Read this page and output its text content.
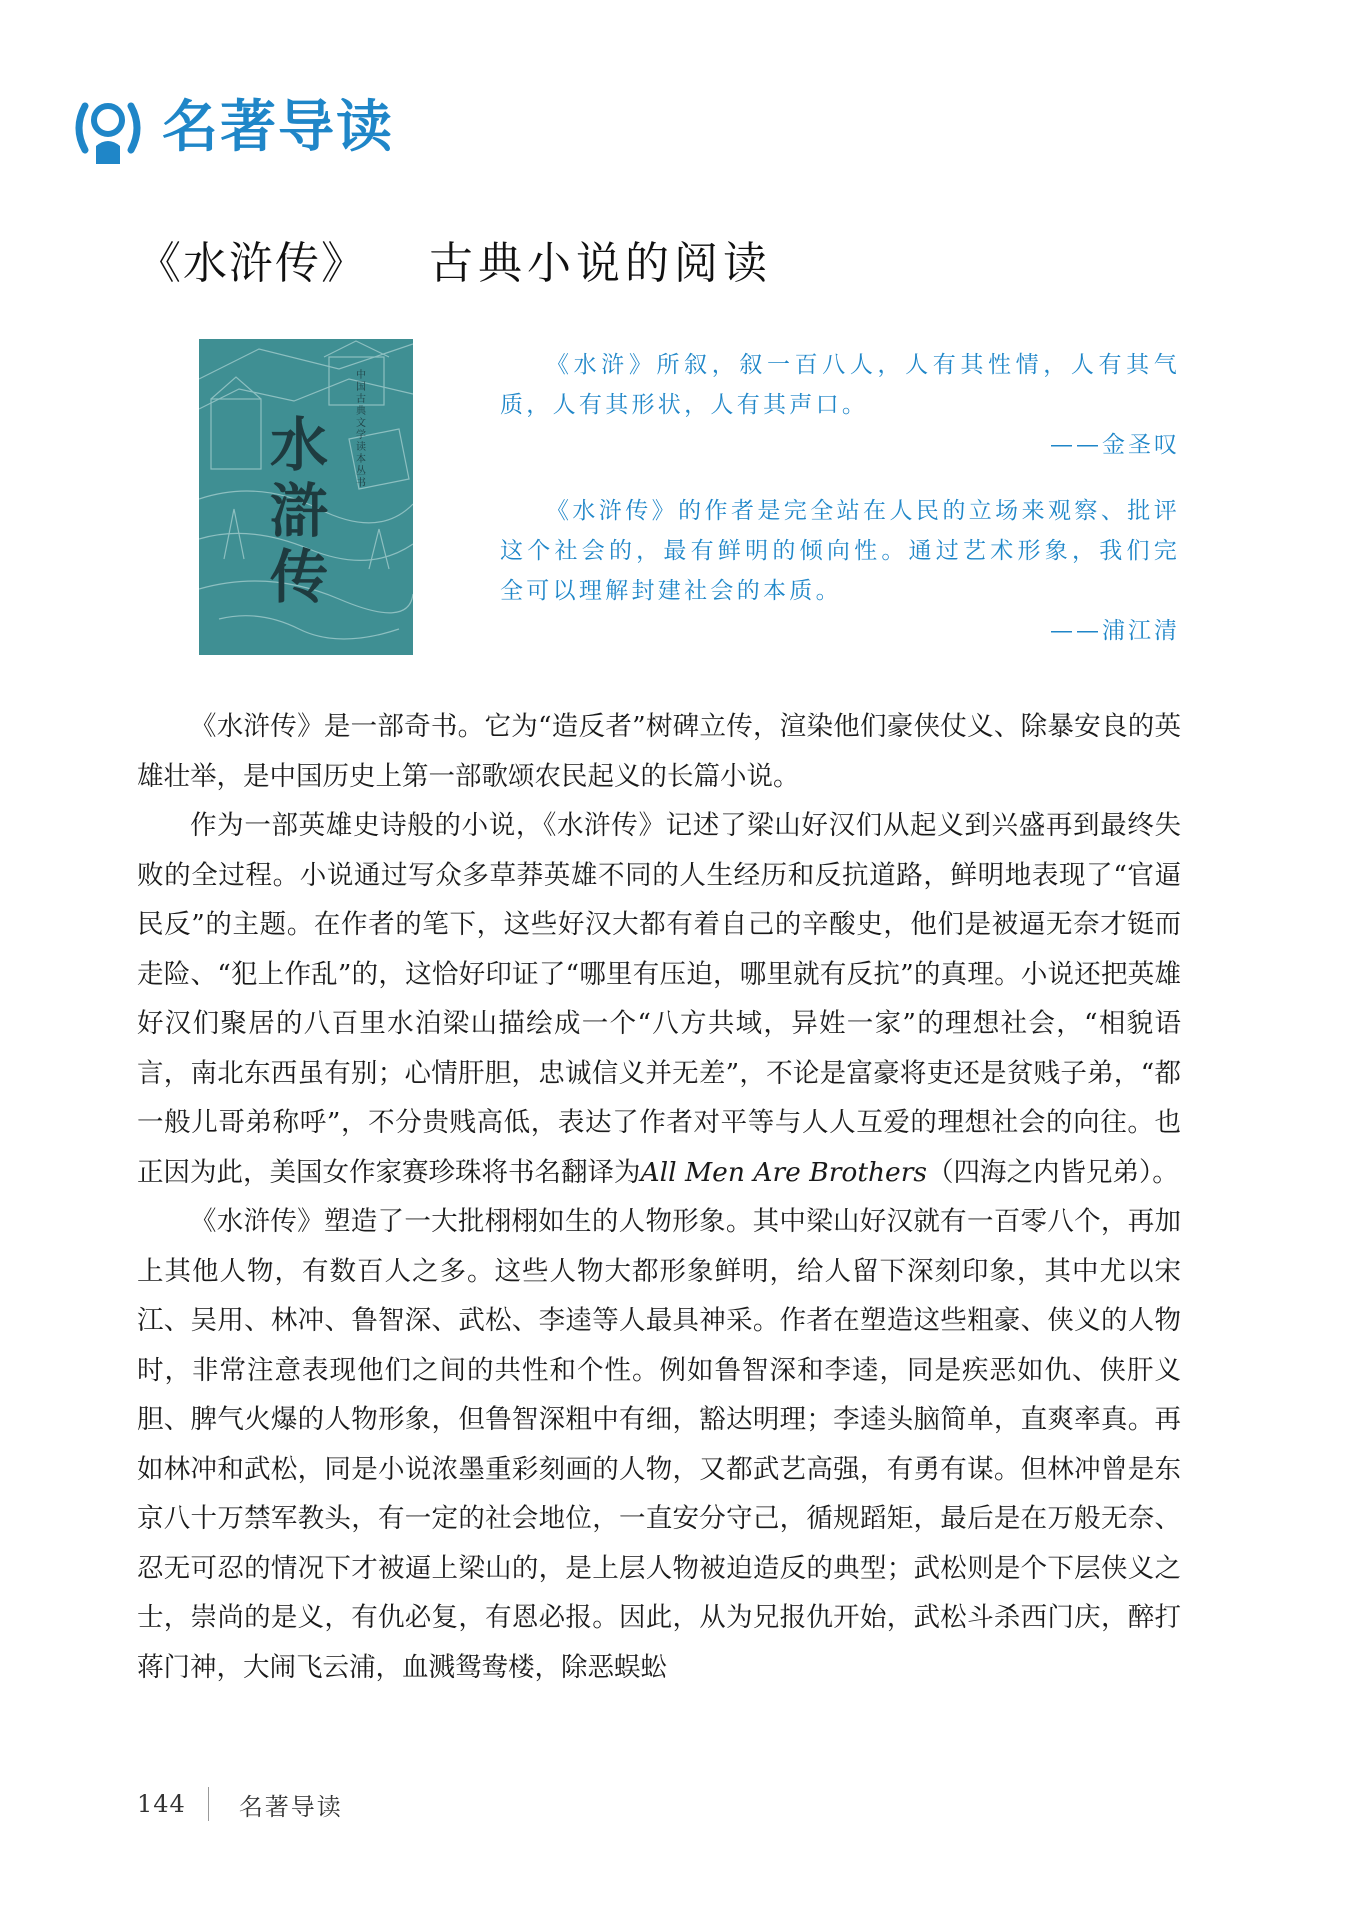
名著导读
《水浒传》 古典小说的阅读
水滸传	中国古典文学读本丛书

《水浒》所叙，叙一百八人，人有其性情，人有其气质，人有其形状，人有其声口。

——金圣叹

《水浒传》的作者是完全站在人民的立场来观察、批评这个社会的，最有鲜明的倾向性。通过艺术形象，我们完全可以理解封建社会的本质。

——浦江清

《水浒传》是一部奇书。它为“造反者”树碑立传，渲染他们豪侠仗义、除暴安良的英雄壮举，是中国历史上第一部歌颂农民起义的长篇小说。

作为一部英雄史诗般的小说，《水浒传》记述了梁山好汉们从起义到兴盛再到最终失败的全过程。小说通过写众多草莽英雄不同的人生经历和反抗道路，鲜明地表现了“官逼民反”的主题。在作者的笔下，这些好汉大都有着自己的辛酸史，他们是被逼无奈才铤而走险、“犯上作乱”的，这恰好印证了“哪里有压迫，哪里就有反抗”的真理。小说还把英雄好汉们聚居的八百里水泊梁山描绘成一个“八方共域，异姓一家”的理想社会，“相貌语言，南北东西虽有别；心情肝胆，忠诚信义并无差”，不论是富豪将吏还是贫贱子弟，“都一般儿哥弟称呼”，不分贵贱高低，表达了作者对平等与人人互爱的理想社会的向往。也正因为此，美国女作家赛珍珠将书名翻译为All Men Are Brothers（四海之内皆兄弟）。

《水浒传》塑造了一大批栩栩如生的人物形象。其中梁山好汉就有一百零八个，再加上其他人物，有数百人之多。这些人物大都形象鲜明，给人留下深刻印象，其中尤以宋江、吴用、林冲、鲁智深、武松、李逵等人最具神采。作者在塑造这些粗豪、侠义的人物时，非常注意表现他们之间的共性和个性。例如鲁智深和李逵，同是疾恶如仇、侠肝义胆、脾气火爆的人物形象，但鲁智深粗中有细，豁达明理；李逵头脑简单，直爽率真。再如林冲和武松，同是小说浓墨重彩刻画的人物，又都武艺高强，有勇有谋。但林冲曾是东京八十万禁军教头，有一定的社会地位，一直安分守己，循规蹈矩，最后是在万般无奈、忍无可忍的情况下才被逼上梁山的，是上层人物被迫造反的典型；武松则是个下层侠义之士，崇尚的是义，有仇必复，有恩必报。因此，从为兄报仇开始，武松斗杀西门庆，醉打蒋门神，大闹飞云浦，血溅鸳鸯楼，除恶蜈蚣

144 名著导读
